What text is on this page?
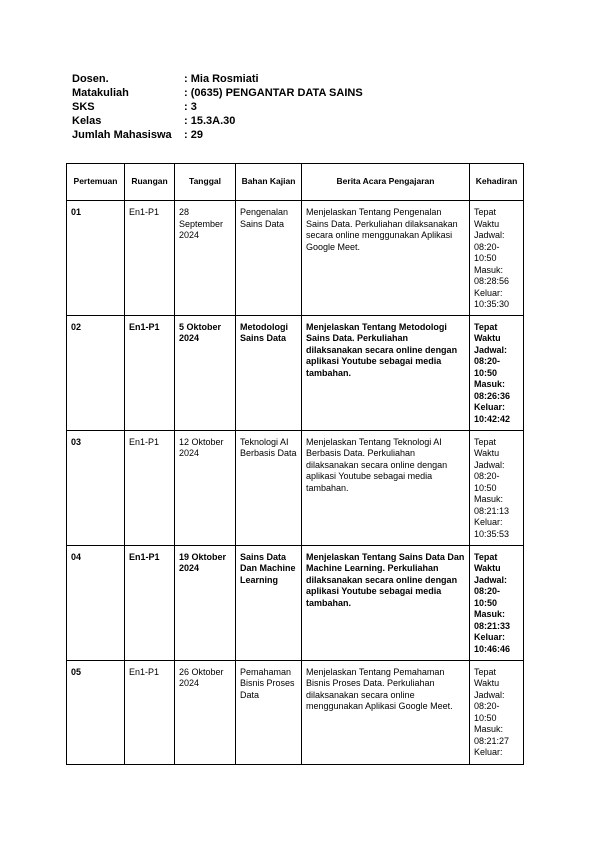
Dosen.	: Mia Rosmiati
Matakuliah	: (0635) PENGANTAR DATA SAINS
SKS	: 3
Kelas	: 15.3A.30
Jumlah Mahasiswa	: 29
Pertemuan	Ruangan	Tanggal	Bahan Kajian	Berita Acara Pengajaran	Kehadiran
01	En1-P1	28 September 2024	Pengenalan Sains Data	Menjelaskan Tentang Pengenalan Sains Data. Perkuliahan dilaksanakan secara online menggunakan Aplikasi Google Meet.	Tepat Waktu Jadwal: 08:20-10:50 Masuk: 08:28:56 Keluar: 10:35:30
02	En1-P1	5 Oktober 2024	Metodologi Sains Data	Menjelaskan Tentang Metodologi Sains Data. Perkuliahan dilaksanakan secara online dengan aplikasi Youtube sebagai media tambahan.	Tepat Waktu Jadwal: 08:20-10:50 Masuk: 08:26:36 Keluar: 10:42:42
03	En1-P1	12 Oktober 2024	Teknologi AI Berbasis Data	Menjelaskan Tentang Teknologi AI Berbasis Data. Perkuliahan dilaksanakan secara online dengan aplikasi Youtube sebagai media tambahan.	Tepat Waktu Jadwal: 08:20-10:50 Masuk: 08:21:13 Keluar: 10:35:53
04	En1-P1	19 Oktober 2024	Sains Data Dan Machine Learning	Menjelaskan Tentang Sains Data Dan Machine Learning. Perkuliahan dilaksanakan secara online dengan aplikasi Youtube sebagai media tambahan.	Tepat Waktu Jadwal: 08:20-10:50 Masuk: 08:21:33 Keluar: 10:46:46
05	En1-P1	26 Oktober 2024	Pemahaman Bisnis Proses Data	Menjelaskan Tentang Pemahaman Bisnis Proses Data. Perkuliahan dilaksanakan secara online menggunakan Aplikasi Google Meet.	Tepat Waktu Jadwal: 08:20-10:50 Masuk: 08:21:27 Keluar:
